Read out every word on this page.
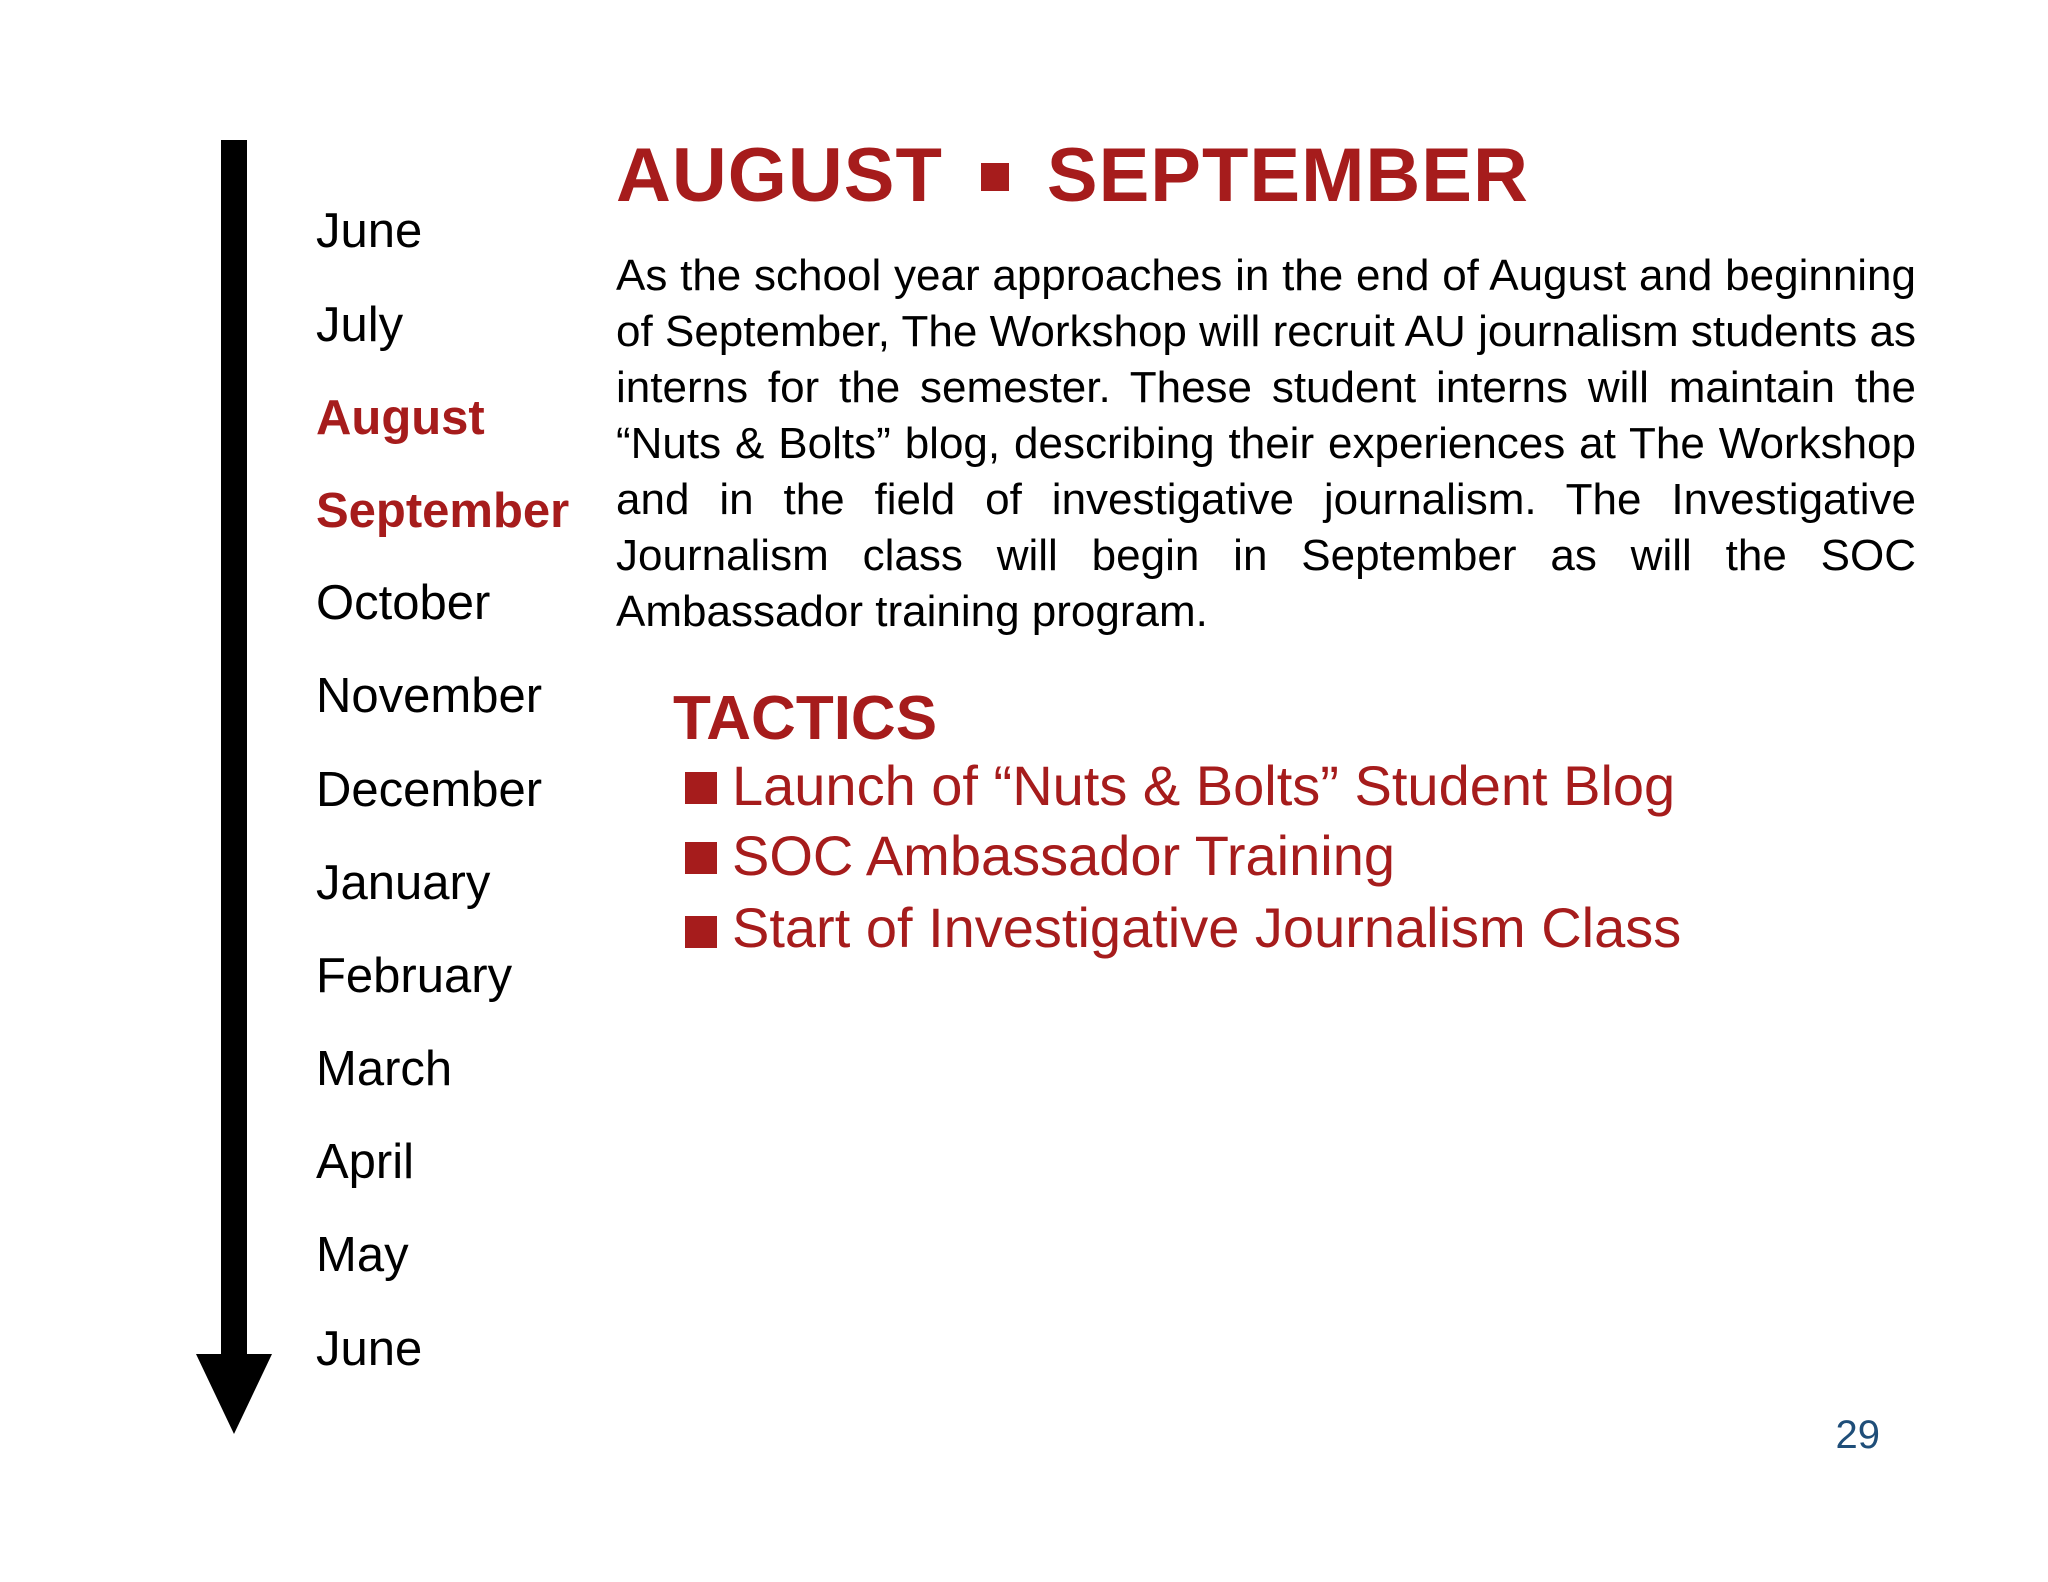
June
July
August
September
October
November
December
January
February
March
April
May
June
AUGUST SEPTEMBER

As the school year approaches in the end of August and beginning of September, The Workshop will recruit AU journalism students as interns for the semester. These student interns will maintain the “Nuts & Bolts” blog, describing their experiences at The Workshop and in the field of investigative journalism. The Investigative Journalism class will begin in September as will the SOC Ambassador training program.

TACTICS
Launch of “Nuts & Bolts” Student Blog
SOC Ambassador Training
Start of Investigative Journalism Class
29
